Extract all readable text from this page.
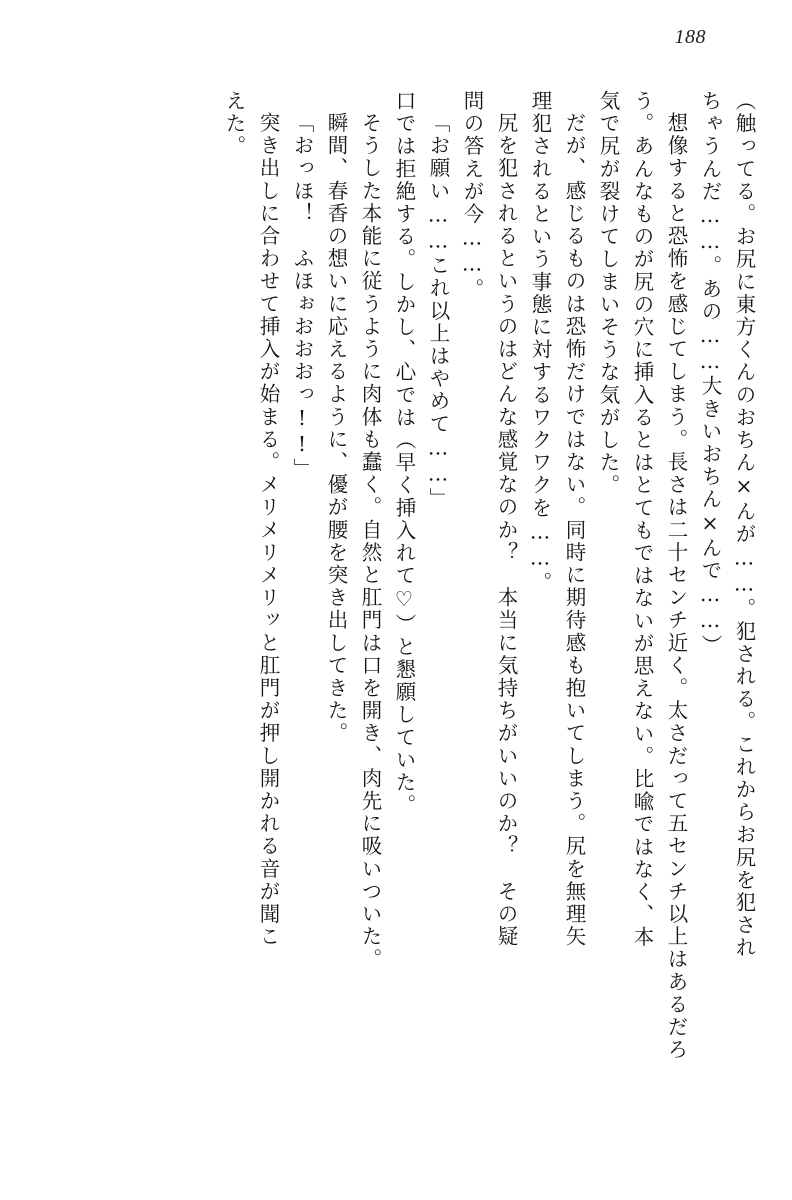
188
（触ってる。お尻に東方くんのおちん×んが……。犯される。これからお尻を犯され
ちゃうんだ……。あの……大きいおちん×んで……）
想像すると恐怖を感じてしまう。長さは二十センチ近く。太さだって五センチ以上はあるだろ
う。あんなものが尻の穴に挿入るとはとてもではないが思えない。比喩ではなく、本
気で尻が裂けてしまいそうな気がした。
だが、感じるものは恐怖だけではない。同時に期待感も抱いてしまう。尻を無理矢
理犯されるという事態に対するワクワクを……。
尻を犯されるというのはどんな感覚なのか？　本当に気持ちがいいのか？　その疑
問の答えが今……。
「お願い……これ以上はやめて……」
口では拒絶する。しかし、心では（早く挿入れて♡）と懇願していた。
そうした本能に従うように肉体も蠢く。自然と肛門は口を開き、肉先に吸いついた。
瞬間、春香の想いに応えるように、優が腰を突き出してきた。
「おっほ！　ふほぉおおおっ!!」
突き出しに合わせて挿入が始まる。メリメリメリッと肛門が押し開かれる音が聞こ
えた。
